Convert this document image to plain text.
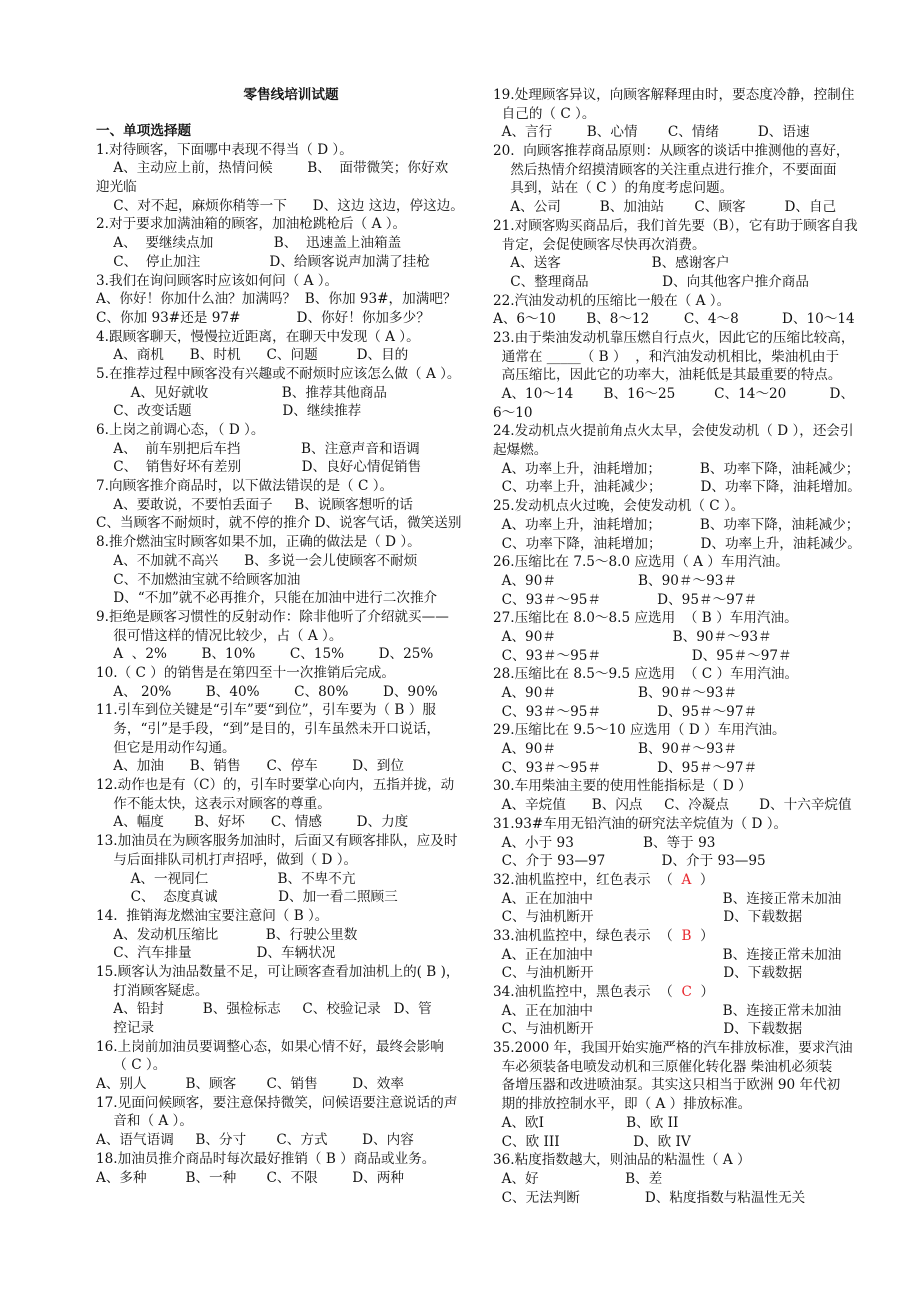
零售线培训试题
一、单项选择题
1.对待顾客，下面哪中表现不得当（ D ）。
A、主动应上前，热情问候        B、  面带微笑；你好欢
迎光临
C、对不起，麻烦你稍等一下      D、这边 这边，停这边。
2.对于要求加满油箱的顾客，加油枪跳枪后（ A ）。
A、  要继续点加              B、  迅速盖上油箱盖
C、  停止加注                D、给顾客说声加满了挂枪
3.我们在询问顾客时应该如何问（ A ）。
A、你好！你加什么油？加满吗？  B、你加 93#，加满吧？
C、你加 93#还是 97#             D、你好！你加多少？
4.跟顾客聊天，慢慢拉近距离，在聊天中发现（ A ）。
A、商机      B、时机      C、问题         D、目的
5.在推荐过程中顾客没有兴趣或不耐烦时应该怎么做（ A ）。
A、见好就收                 B、推荐其他商品
C、改变话题                     D、继续推荐
6.上岗之前调心态，（ D ）。
A、  前车别把后车挡              B、注意声音和语调
C、  销售好坏有差别              D、良好心情促销售
7.向顾客推介商品时，以下做法错误的是（ C ）。
A、要敢说，不要怕丢面子     B、说顾客想听的话
C、当顾客不耐烦时，就不停的推介 D、说客气话，微笑送别
8.推介燃油宝时顾客如果不加，正确的做法是（ D ）。
A、不加就不高兴      B、多说一会儿使顾客不耐烦
C、不加燃油宝就不给顾客加油
D、“不加”就不必再推介，只能在加油中进行二次推介
9.拒绝是顾客习惯性的反射动作：除非他听了介绍就买——
很可惜这样的情况比较少，占（ A ）。
A  、2%        B、10%        C、15%        D、25%
10.（ C ）的销售是在第四至十一次推销后完成。
A、 20%        B、40%        C、80%        D、90%
11.引车到位关键是“引车”要“到位”，引车要为（ B ）服
务，“引”是手段，“到”是目的，引车虽然未开口说话，
但它是用动作勾通。
A、加油      B、销售      C、停车        D、到位
12.动作也是有（C）的，引车时要掌心向内，五指并拢，动
作不能太快，这表示对顾客的尊重。
A、幅度       B、好坏      C、情感        D、力度
13.加油员在为顾客服务加油时，后面又有顾客排队，应及时
与后面排队司机打声招呼，做到（ D ）。
A、一视同仁                B、不卑不亢
C、  态度真诚              D、加一看二照顾三
14.  推销海龙燃油宝要注意问（ B ）。
A、发动机压缩比           B、行驶公里数
C、汽车排量               D、车辆状况
15.顾客认为油品数量不足，可让顾客查看加油机上的( B )，
打消顾客疑虑。
A、铅封         B、强检标志     C、校验记录   D、管
控记录
16.上岗前加油员要调整心态，如果心情不好，最终会影响
（ C ）。
A、别人         B、顾客       C、销售        D、效率
17.见面问候顾客，要注意保持微笑，问候语要注意说话的声
音和（ A ）。
A、语气语调     B、分寸       C、方式        D、内容
18.加油员推介商品时每次最好推销（ B ）商品或业务。
A、多种         B、一种       C、不限        D、两种
19.处理顾客异议，向顾客解释理由时，要态度冷静，控制住
自己的（ C ）。
A、言行        B、心情       C、情绪         D、语速
20.  向顾客推荐商品原则：从顾客的谈话中推测他的喜好，
然后热情介绍摸清顾客的关注重点进行推介，不要面面
具到，站在（ C ）的角度考虑问题。
A、公司         B、加油站       C、顾客         D、自己
21.对顾客购买商品后，我们首先要（B），它有助于顾客自我
肯定，会促使顾客尽快再次消费。
A、送客                     B、感谢客户
C、整理商品                 D、向其他客户推介商品
22.汽油发动机的压缩比一般在（ A ）。
A、6～10       B、8～12        C、4～8          D、10～14
23.由于柴油发动机靠压燃自行点火，因此它的压缩比较高，
通常在 _____（ B ）  ，和汽油发动机相比，柴油机由于
高压缩比，因此它的功率大，油耗低是其最重要的特点。
A、10～14       B、16～25         C、14～20          D、
6～10
24.发动机点火提前角点火太早，会使发动机（ D ），还会引
起爆燃。
A、功率上升，油耗增加；         B、功率下降，油耗减少；
C、功率上升，油耗减少；         D、功率下降，油耗增加。
25.发动机点火过晚，会使发动机（ C ）。
A、功率上升，油耗增加；         B、功率下降，油耗减少；
C、功率下降，油耗增加；         D、功率上升，油耗减少。
26.压缩比在 7.5～8.0 应选用（ A ）车用汽油。
A、90＃                   B、90＃～93＃
C、93＃～95＃             D、95＃～97＃
27.压缩比在 8.0～8.5 应选用  （ B ）车用汽油。
A、90＃                           B、90＃～93＃
C、93＃～95＃                     D、95＃～97＃
28.压缩比在 8.5～9.5 应选用  （ C ）车用汽油。
A、90＃                   B、90＃～93＃
C、93＃～95＃             D、95＃～97＃
29.压缩比在 9.5～10 应选用（ D ）车用汽油。
A、90＃                   B、90＃～93＃
C、93＃～95＃             D、95＃～97＃
30.车用柴油主要的使用性能指标是（ D ）
A、辛烷值      B、闪点     C、冷凝点       D、十六辛烷值
31.93#车用无铅汽油的研究法辛烷值为（ D ）。
A、小于 93                B、等于 93
C、介于 93—97             D、介于 93—95
32.油机监控中，红色表示  （  A  ）
A、正在加油中                              B、连接正常未加油
C、与油机断开                              D、下载数据
33.油机监控中，绿色表示  （  B  ）
A、正在加油中                              B、连接正常未加油
C、与油机断开                              D、下载数据
34.油机监控中，黑色表示  （  C  ）
A、正在加油中                              B、连接正常未加油
C、与油机断开                              D、下载数据
35.2000 年，我国开始实施严格的汽车排放标准，要求汽油
车必须装备电喷发动机和三原催化转化器 柴油机必须装
备增压器和改进喷油泵。其实这只相当于欧洲 90 年代初
期的排放控制水平，即（ A ）排放标准。
A、欧Ⅰ                   B、欧 II
C、欧 III                 D、欧 IV
36.粘度指数越大，则油品的粘温性（ A ）
A、好                    B、差
C、无法判断               D、粘度指数与粘温性无关
